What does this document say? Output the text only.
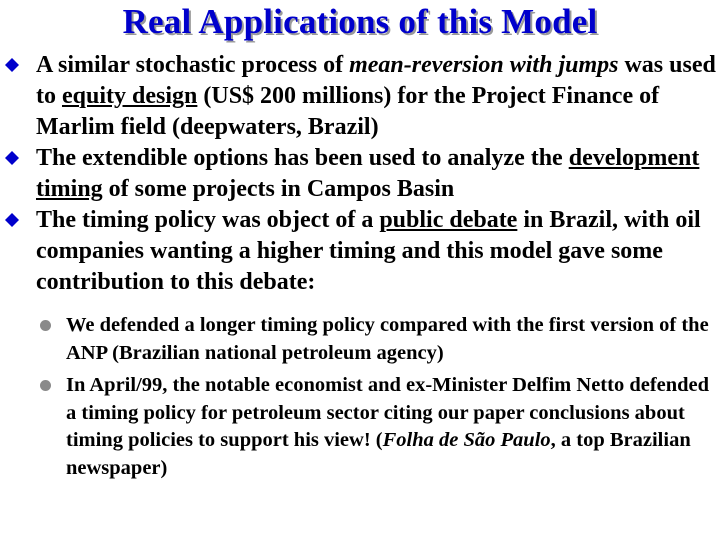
Real Applications of this Model
A similar stochastic process of mean-reversion with jumps was used to equity design (US$ 200 millions) for the Project Finance of Marlim field (deepwaters, Brazil)
The extendible options has been used to analyze the development timing of some projects in Campos Basin
The timing policy was object of a public debate in Brazil, with oil companies wanting a higher timing and this model gave some contribution to this debate:
We defended a longer timing policy compared with the first version of the ANP (Brazilian national petroleum agency)
In April/99, the notable economist and ex-Minister Delfim Netto defended a timing policy for petroleum sector citing our paper conclusions about timing policies to support his view! (Folha de São Paulo, a top Brazilian newspaper)
